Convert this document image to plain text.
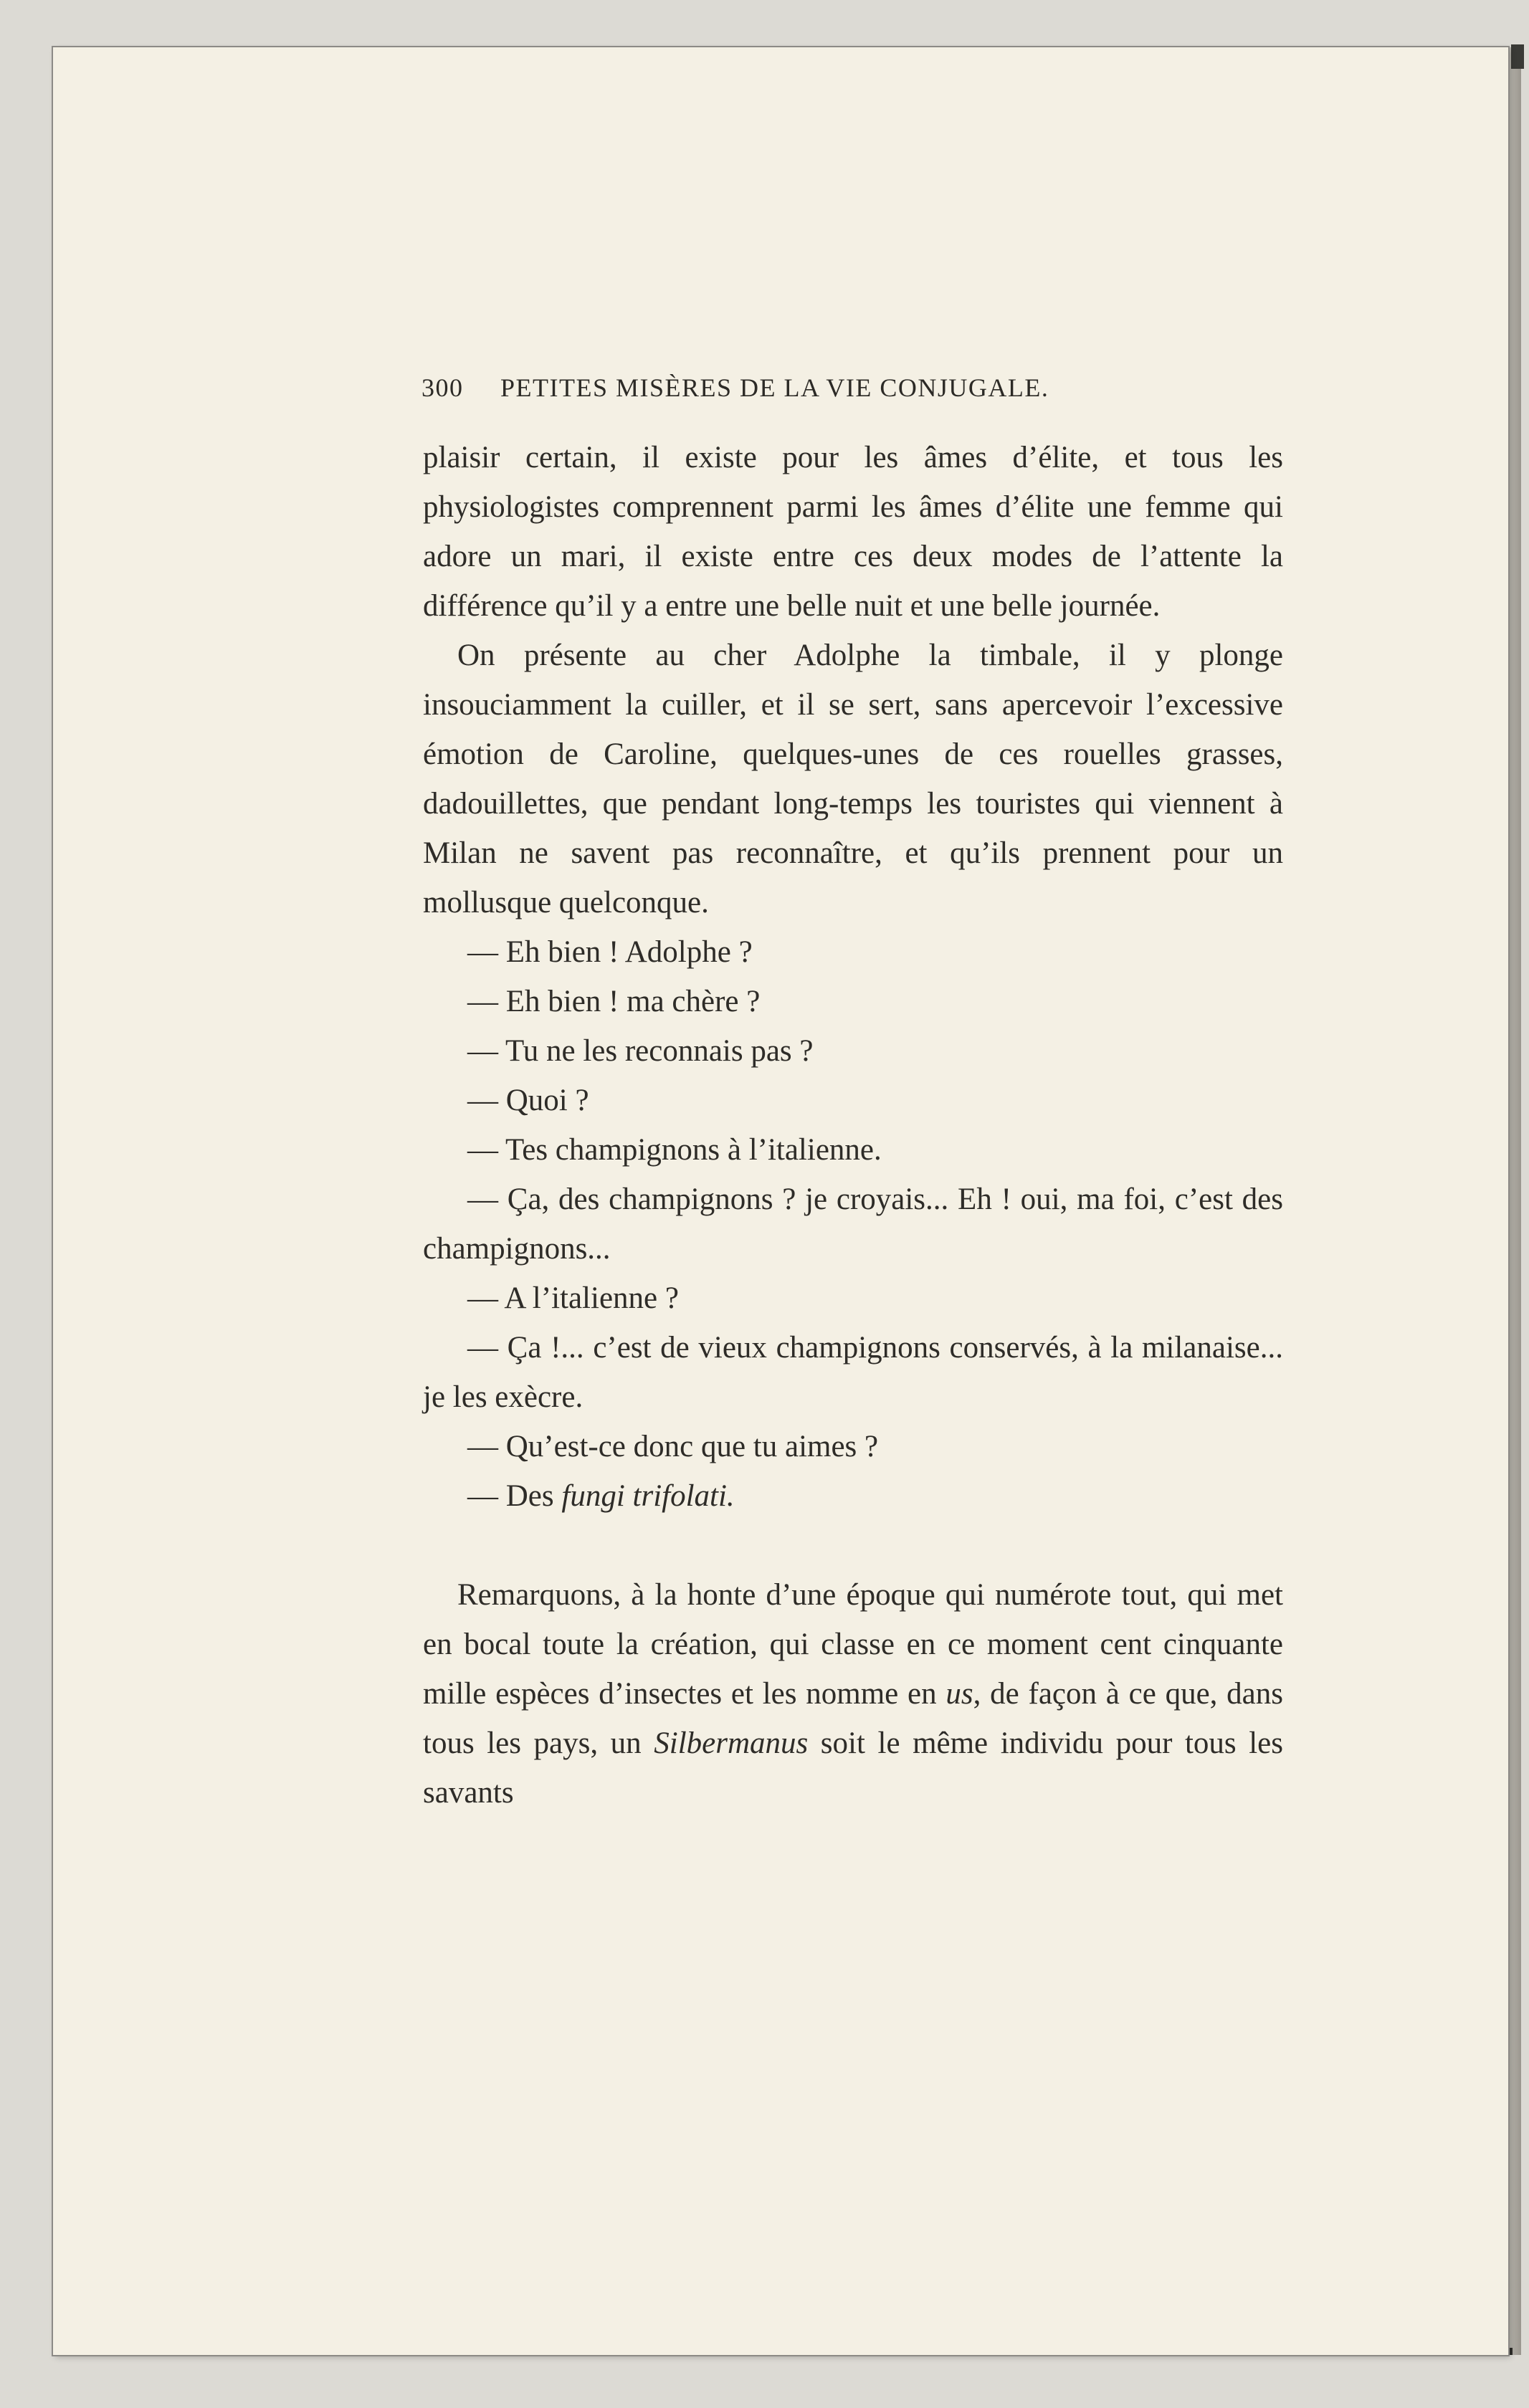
300 PETITES MISÈRES DE LA VIE CONJUGALE.

plaisir certain, il existe pour les âmes d’élite, et tous les physiologistes comprennent parmi les âmes d’élite une femme qui adore un mari, il existe entre ces deux modes de l’attente la différence qu’il y a entre une belle nuit et une belle journée.

On présente au cher Adolphe la timbale, il y plonge insouciamment la cuiller, et il se sert, sans apercevoir l’excessive émotion de Caroline, quelques-unes de ces rouelles grasses, dadouillettes, que pendant long-temps les touristes qui viennent à Milan ne savent pas reconnaître, et qu’ils prennent pour un mollusque quelconque.

— Eh bien ! Adolphe ?

— Eh bien ! ma chère ?

— Tu ne les reconnais pas ?

— Quoi ?

— Tes champignons à l’italienne.

— Ça, des champignons ? je croyais... Eh ! oui, ma foi, c’est des champignons...

— A l’italienne ?

— Ça !... c’est de vieux champignons conservés, à la milanaise... je les exècre.

— Qu’est-ce donc que tu aimes ?

— Des fungi trifolati.

Remarquons, à la honte d’une époque qui numérote tout, qui met en bocal toute la création, qui classe en ce moment cent cinquante mille espèces d’insectes et les nomme en us, de façon à ce que, dans tous les pays, un Silbermanus soit le même individu pour tous les savants
